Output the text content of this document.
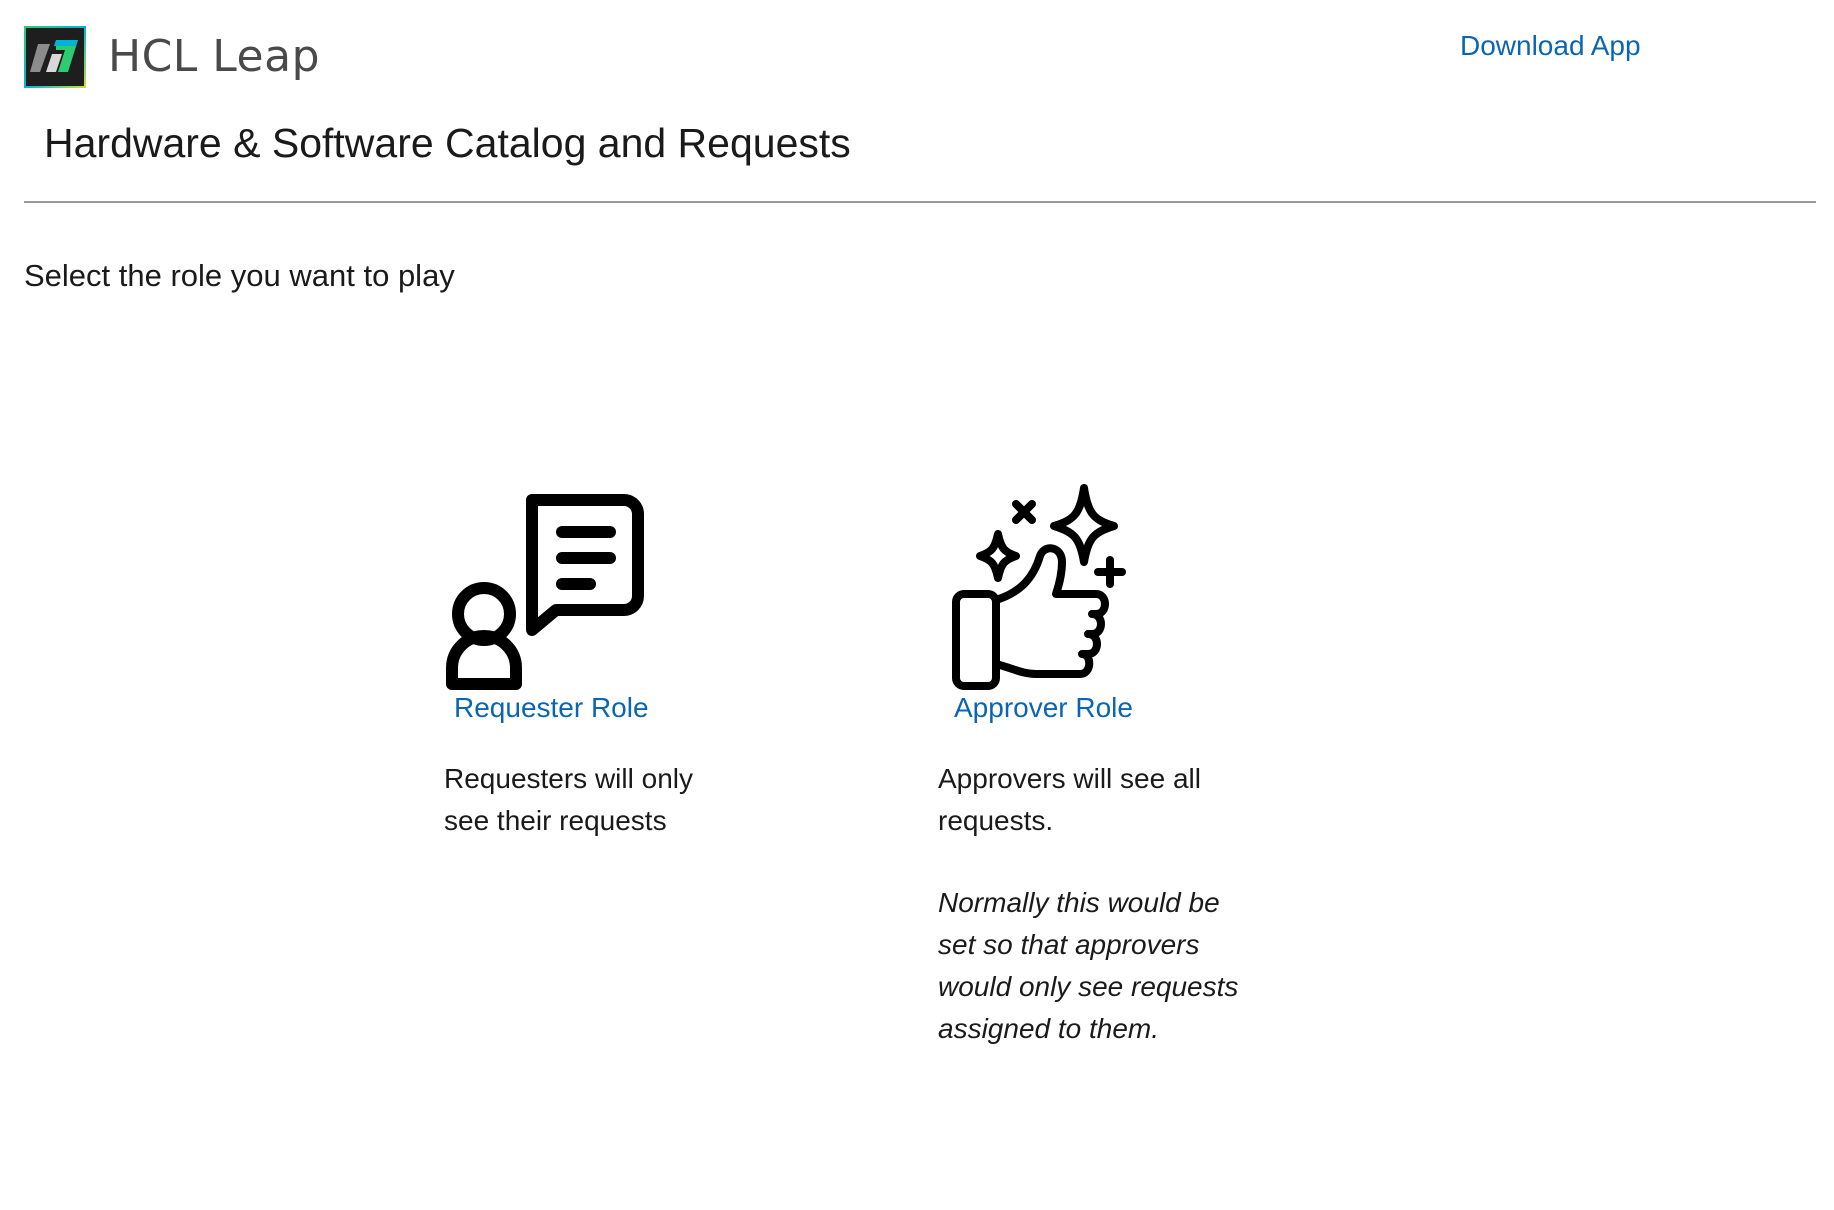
HCL Leap	Download App
Hardware & Software Catalog and Requests

Select the role you want to play

Requester Role

Requesters will only see their requests

Approver Role

Approvers will see all requests.

Normally this would be set so that approvers would only see requests assigned to them.
